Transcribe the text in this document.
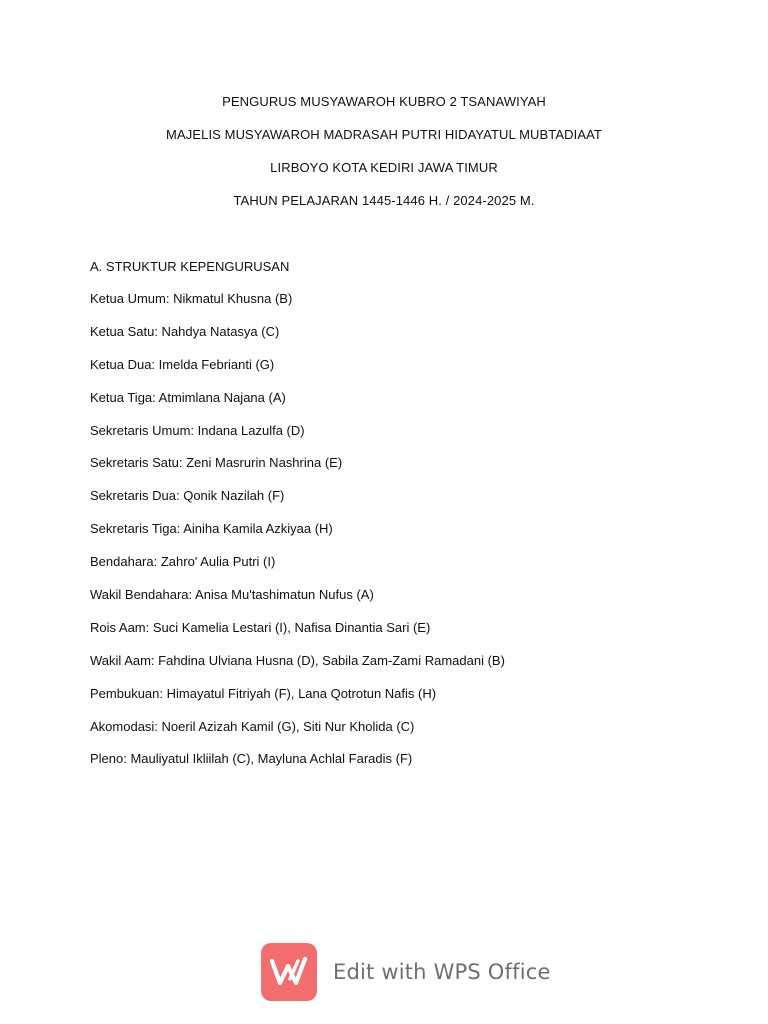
PENGURUS MUSYAWAROH KUBRO 2 TSANAWIYAH
MAJELIS MUSYAWAROH MADRASAH PUTRI HIDAYATUL MUBTADIAAT
LIRBOYO KOTA KEDIRI JAWA TIMUR
TAHUN PELAJARAN 1445-1446 H. / 2024-2025 M.
A. STRUKTUR KEPENGURUSAN
Ketua Umum: Nikmatul Khusna (B)
Ketua Satu: Nahdya Natasya (C)
Ketua Dua: Imelda Febrianti (G)
Ketua Tiga: Atmimlana Najana (A)
Sekretaris Umum: Indana Lazulfa (D)
Sekretaris Satu: Zeni Masrurin Nashrina (E)
Sekretaris Dua: Qonik Nazilah (F)
Sekretaris Tiga: Ainiha Kamila Azkiyaa (H)
Bendahara: Zahro' Aulia Putri (I)
Wakil Bendahara: Anisa Mu'tashimatun Nufus (A)
Rois Aam: Suci Kamelia Lestari (I), Nafisa Dinantia Sari (E)
Wakil Aam: Fahdina Ulviana Husna (D), Sabila Zam-Zami Ramadani (B)
Pembukuan: Himayatul Fitriyah (F), Lana Qotrotun Nafis (H)
Akomodasi: Noeril Azizah Kamil (G), Siti Nur Kholida (C)
Pleno: Mauliyatul Ikliilah (C), Mayluna Achlal Faradis (F)
Edit with WPS Office
